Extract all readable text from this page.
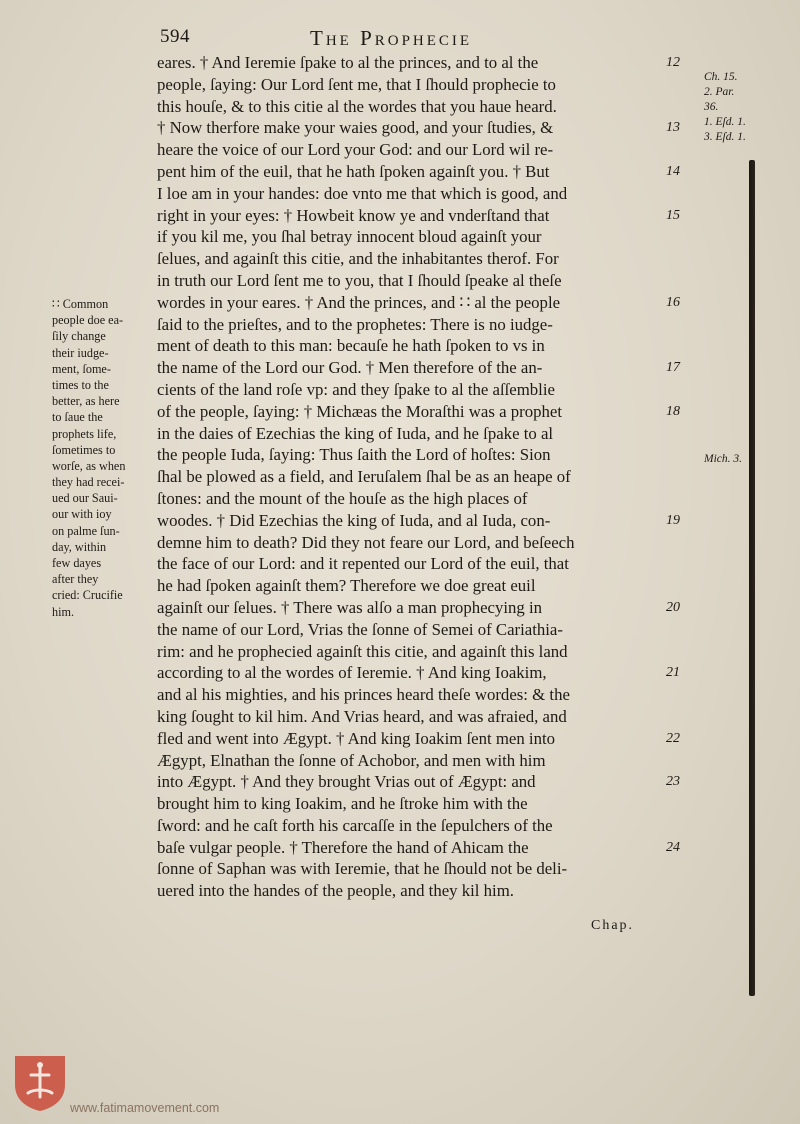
594	The Prophecie
eares. † And Ieremie ſpake to al the princes, and to al the
people, ſaying: Our Lord ſent me, that I ſhould prophecie to
this houſe, & to this citie al the wordes that you haue heard.
† Now therfore make your waies good, and your ſtudies, &
heare the voice of our Lord your God: and our Lord wil re-
pent him of the euil, that he hath ſpoken againſt you. † But
I loe am in your handes: doe vnto me that which is good, and
right in your eyes: † Howbeit know ye and vnderſtand that
if you kil me, you ſhal betray innocent bloud againſt your
ſelues, and againſt this citie, and the inhabitantes therof. For
in truth our Lord ſent me to you, that I ſhould ſpeake al theſe
wordes in your eares. † And the princes, and ∷ al the people
ſaid to the prieſtes, and to the prophetes: There is no iudge-
ment of death to this man: becauſe he hath ſpoken to vs in
the name of the Lord our God. † Men therefore of the an-
cients of the land roſe vp: and they ſpake to al the aſſemblie
of the people, ſaying: † Michæas the Moraſthi was a prophet
in the daies of Ezechias the king of Iuda, and he ſpake to al
the people Iuda, ſaying: Thus ſaith the Lord of hoſtes: Sion
ſhal be plowed as a field, and Ieruſalem ſhal be as an heape of
ſtones: and the mount of the houſe as the high places of
woodes. † Did Ezechias the king of Iuda, and al Iuda, con-
demne him to death? Did they not feare our Lord, and beſeech
the face of our Lord: and it repented our Lord of the euil, that
he had ſpoken againſt them? Therefore we doe great euil
againſt our ſelues. † There was alſo a man prophecying in
the name of our Lord, Vrias the ſonne of Semei of Cariathia-
rim: and he prophecied againſt this citie, and againſt this land
according to al the wordes of Ieremie. † And king Ioakim,
and al his mighties, and his princes heard theſe wordes: & the
king ſought to kil him. And Vrias heard, and was afraied, and
fled and went into Ægypt. † And king Ioakim ſent men into
Ægypt, Elnathan the ſonne of Achobor, and men with him
into Ægypt. † And they brought Vrias out of Ægypt: and
brought him to king Ioakim, and he ſtroke him with the
ſword: and he caſt forth his carcaſſe in the ſepulchers of the
baſe vulgar people. † Therefore the hand of Ahicam the
ſonne of Saphan was with Ieremie, that he ſhould not be deli-
uered into the handes of the people, and they kil him.
12
13
14
15
16
17
18
19
20
21
22
23
24
Ch. 15.
2. Par.
36.
1. Eſd. 1.
3. Eſd. 1.
Mich. 3.
∷ Common
people doe ea-
ſily change
their iudge-
ment, ſome-
times to the
better, as here
to ſaue the
prophets life,
ſometimes to
worſe, as when
they had recei-
ued our Saui-
our with ioy
on palme ſun-
day, within
few dayes
after they
cried: Crucifie
him.
Chap.
www.fatimamovement.com
